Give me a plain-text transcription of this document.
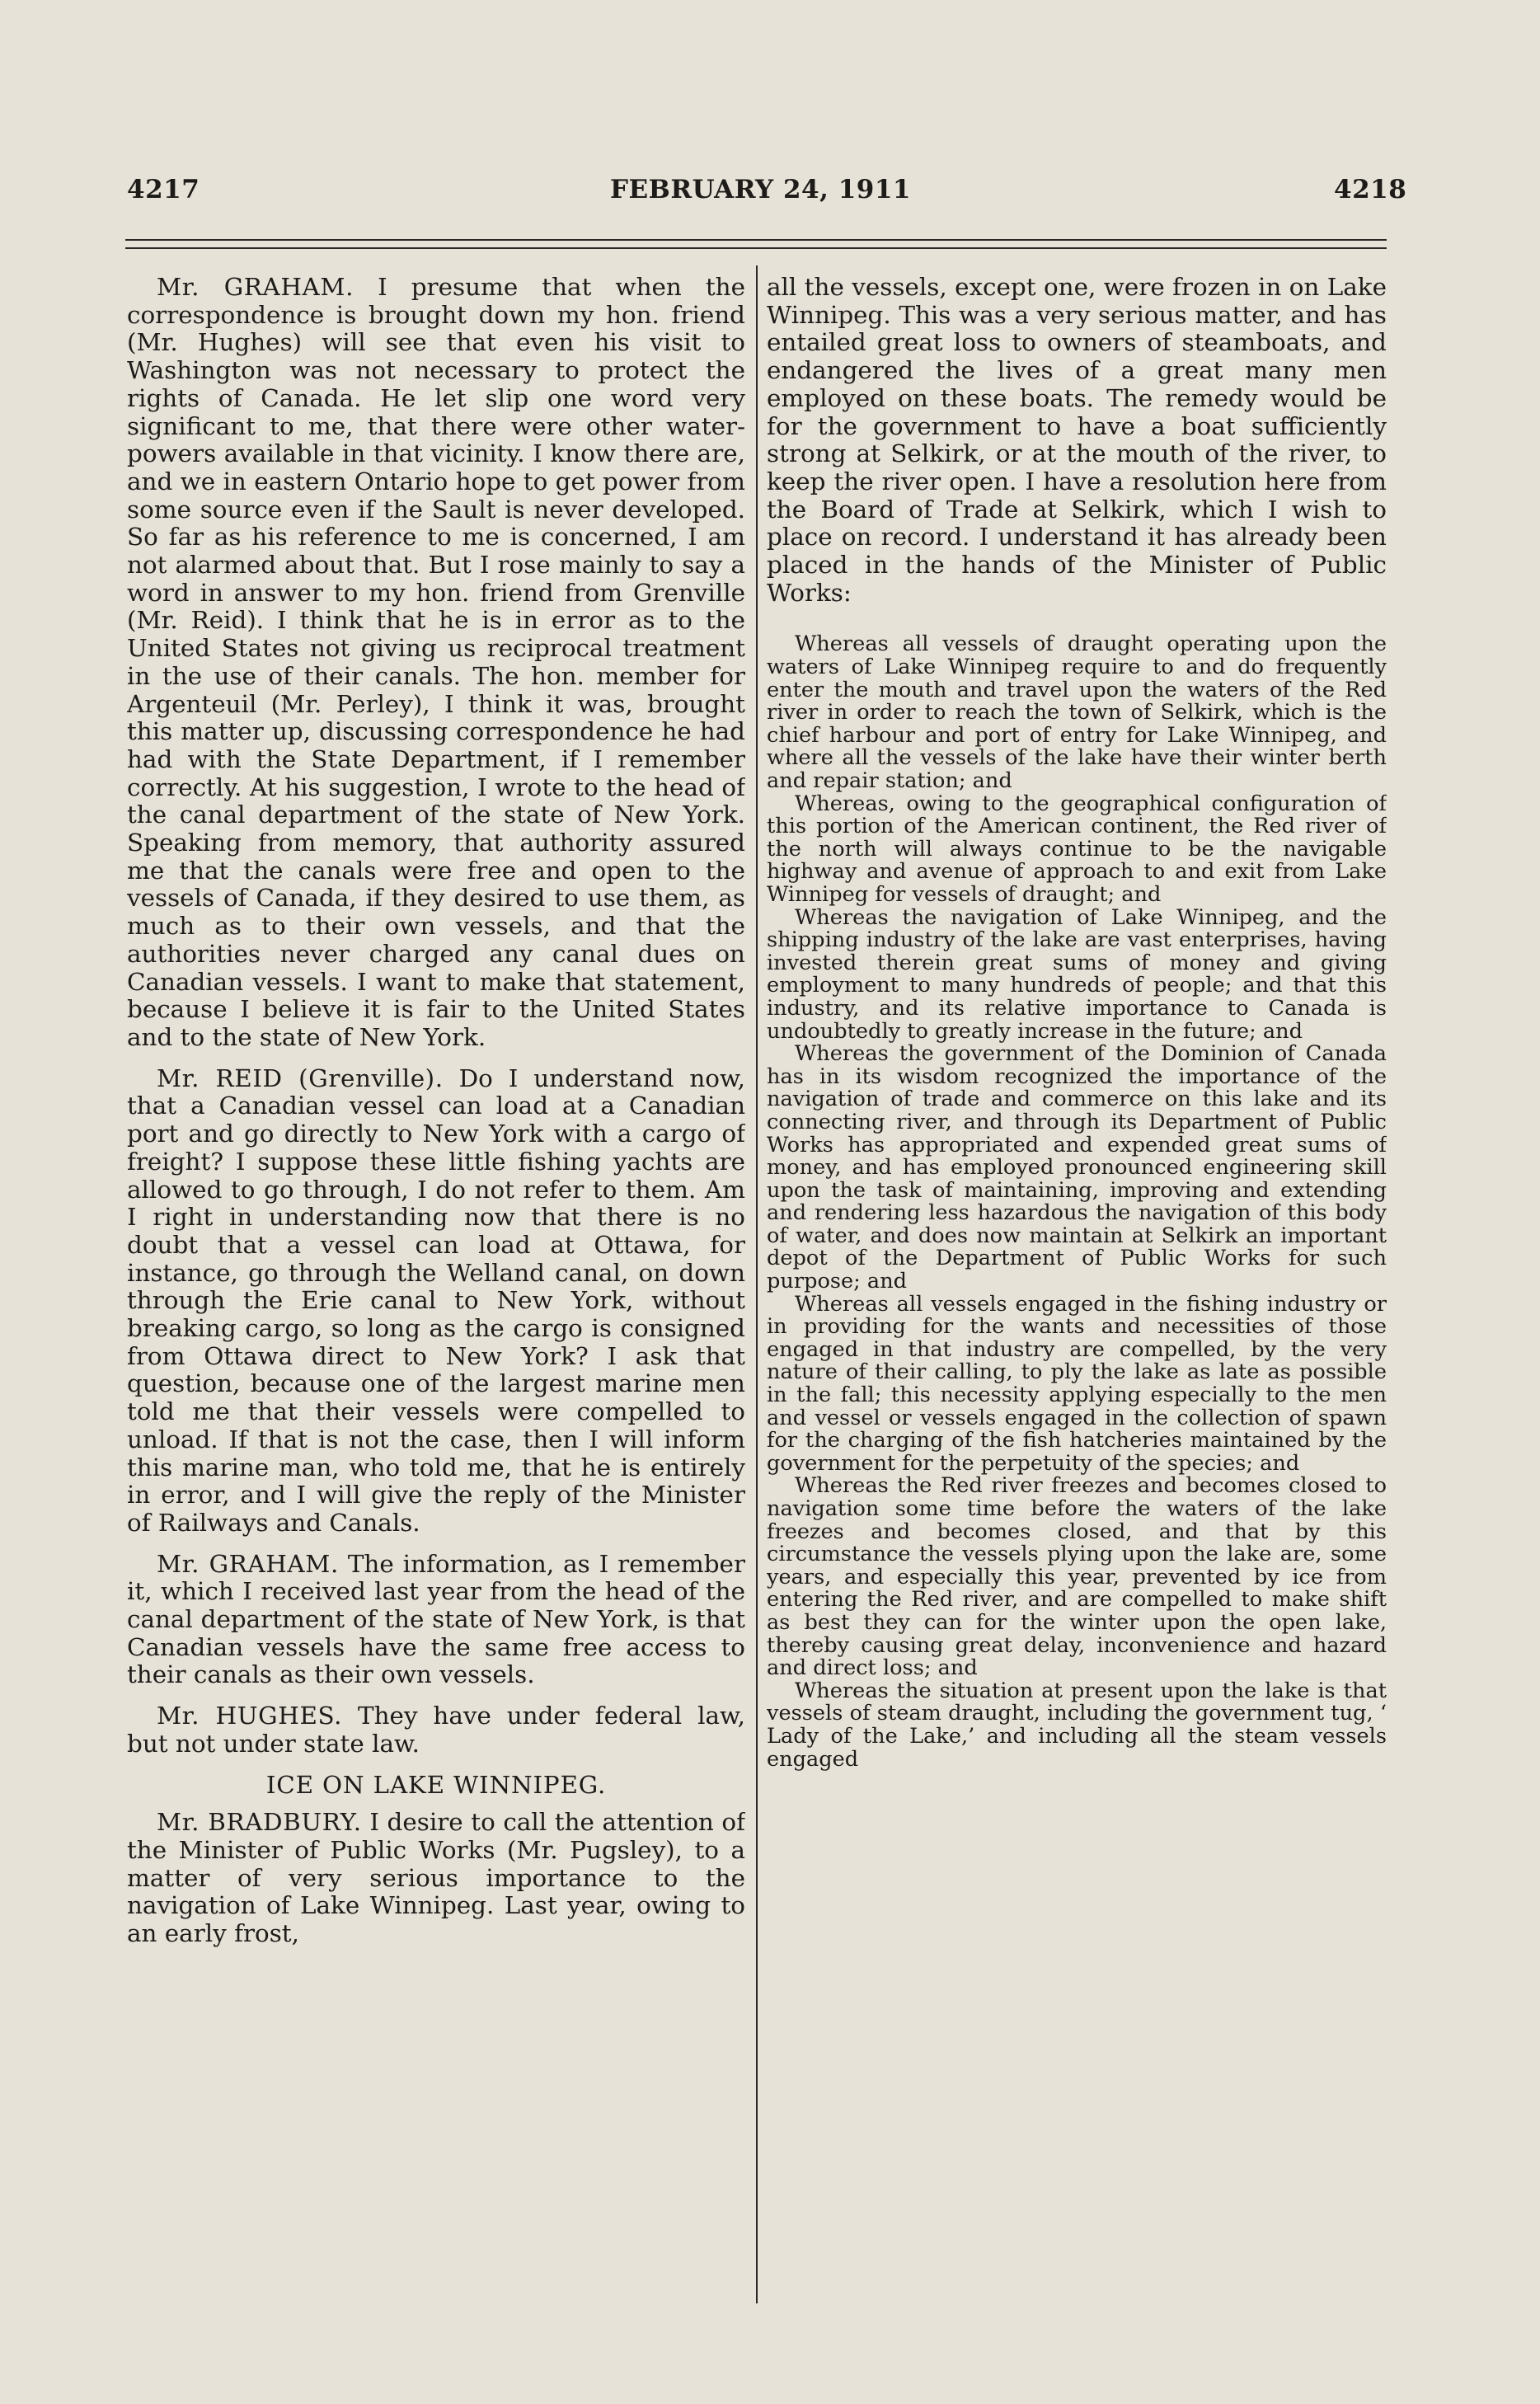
4217	FEBRUARY 24, 1911	4218

Mr. GRAHAM. I presume that when the correspondence is brought down my hon. friend (Mr. Hughes) will see that even his visit to Washington was not necessary to protect the rights of Canada. He let slip one word very significant to me, that there were other water-powers available in that vicinity. I know there are, and we in eastern Ontario hope to get power from some source even if the Sault is never developed. So far as his reference to me is concerned, I am not alarmed about that. But I rose mainly to say a word in answer to my hon. friend from Grenville (Mr. Reid). I think that he is in error as to the United States not giving us reciprocal treatment in the use of their canals. The hon. member for Argenteuil (Mr. Perley), I think it was, brought this matter up, discussing correspondence he had had with the State Department, if I remember correctly. At his suggestion, I wrote to the head of the canal department of the state of New York. Speaking from memory, that authority assured me that the canals were free and open to the vessels of Canada, if they desired to use them, as much as to their own vessels, and that the authorities never charged any canal dues on Canadian vessels. I want to make that statement, because I believe it is fair to the United States and to the state of New York.

Mr. REID (Grenville). Do I understand now, that a Canadian vessel can load at a Canadian port and go directly to New York with a cargo of freight? I suppose these little fishing yachts are allowed to go through, I do not refer to them. Am I right in understanding now that there is no doubt that a vessel can load at Ottawa, for instance, go through the Welland canal, on down through the Erie canal to New York, without breaking cargo, so long as the cargo is consigned from Ottawa direct to New York? I ask that question, because one of the largest marine men told me that their vessels were compelled to unload. If that is not the case, then I will inform this marine man, who told me, that he is entirely in error, and I will give the reply of the Minister of Railways and Canals.

Mr. GRAHAM. The information, as I remember it, which I received last year from the head of the canal department of the state of New York, is that Canadian vessels have the same free access to their canals as their own vessels.

Mr. HUGHES. They have under federal law, but not under state law.

ICE ON LAKE WINNIPEG.

Mr. BRADBURY. I desire to call the attention of the Minister of Public Works (Mr. Pugsley), to a matter of very serious importance to the navigation of Lake Winnipeg. Last year, owing to an early frost,

all the vessels, except one, were frozen in on Lake Winnipeg. This was a very serious matter, and has entailed great loss to owners of steamboats, and endangered the lives of a great many men employed on these boats. The remedy would be for the government to have a boat sufficiently strong at Selkirk, or at the mouth of the river, to keep the river open. I have a resolution here from the Board of Trade at Selkirk, which I wish to place on record. I understand it has already been placed in the hands of the Minister of Public Works:

Whereas all vessels of draught operating upon the waters of Lake Winnipeg require to and do frequently enter the mouth and travel upon the waters of the Red river in order to reach the town of Selkirk, which is the chief harbour and port of entry for Lake Winnipeg, and where all the vessels of the lake have their winter berth and repair station; and

Whereas, owing to the geographical configuration of this portion of the American continent, the Red river of the north will always continue to be the navigable highway and avenue of approach to and exit from Lake Winnipeg for vessels of draught; and

Whereas the navigation of Lake Winnipeg, and the shipping industry of the lake are vast enterprises, having invested therein great sums of money and giving employment to many hundreds of people; and that this industry, and its relative importance to Canada is undoubtedly to greatly increase in the future; and

Whereas the government of the Dominion of Canada has in its wisdom recognized the importance of the navigation of trade and commerce on this lake and its connecting river, and through its Department of Public Works has appropriated and expended great sums of money, and has employed pronounced engineering skill upon the task of maintaining, improving and extending and rendering less hazardous the navigation of this body of water, and does now maintain at Selkirk an important depot of the Department of Public Works for such purpose; and

Whereas all vessels engaged in the fishing industry or in providing for the wants and necessities of those engaged in that industry are compelled, by the very nature of their calling, to ply the lake as late as possible in the fall; this necessity applying especially to the men and vessel or vessels engaged in the collection of spawn for the charging of the fish hatcheries maintained by the government for the perpetuity of the species; and

Whereas the Red river freezes and becomes closed to navigation some time before the waters of the lake freezes and becomes closed, and that by this circumstance the vessels plying upon the lake are, some years, and especially this year, prevented by ice from entering the Red river, and are compelled to make shift as best they can for the winter upon the open lake, thereby causing great delay, inconvenience and hazard and direct loss; and

Whereas the situation at present upon the lake is that vessels of steam draught, including the government tug, ‘ Lady of the Lake,’ and including all the steam vessels engaged
